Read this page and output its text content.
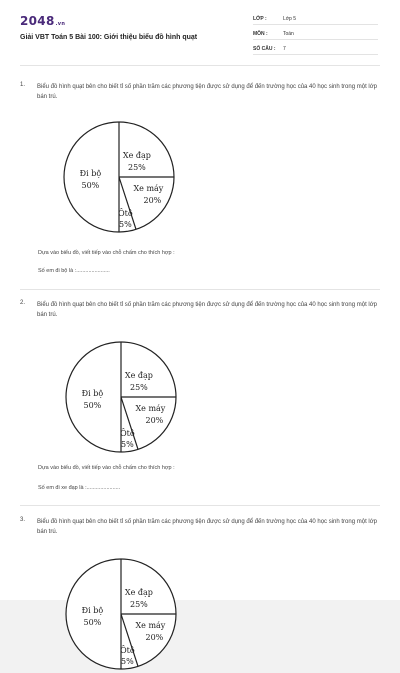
2048.vn
Giải VBT Toán 5 Bài 100: Giới thiệu biểu đồ hình quạt
LỚP :	Lớp 5
MÔN :	Toán
SỐ CÂU : 7
1. Biểu đồ hình quạt bên cho biết tỉ số phần trăm các phương tiện được sử dụng để đến trường học của 40 học sinh trong một lớp bán trú.
Đi bộ
50%
Xe đạp
25%
Xe máy
20%
Ôtô
5%
Dựa vào biểu đồ, viết tiếp vào chỗ chấm cho thích hợp :
Số em đi bộ là :......................
2. Biểu đồ hình quạt bên cho biết tỉ số phần trăm các phương tiện được sử dụng để đến trường học của 40 học sinh trong một lớp bán trú.
Đi bộ
50%
Xe đạp
25%
Xe máy
20%
Ôtô
5%
Dựa vào biểu đồ, viết tiếp vào chỗ chấm cho thích hợp :
Số em đi xe đạp là :......................
3. Biểu đồ hình quạt bên cho biết tỉ số phần trăm các phương tiện được sử dụng để đến trường học của 40 học sinh trong một lớp bán trú.
Đi bộ
50%
Xe đạp
25%
Xe máy
20%
Ôtô
5%
